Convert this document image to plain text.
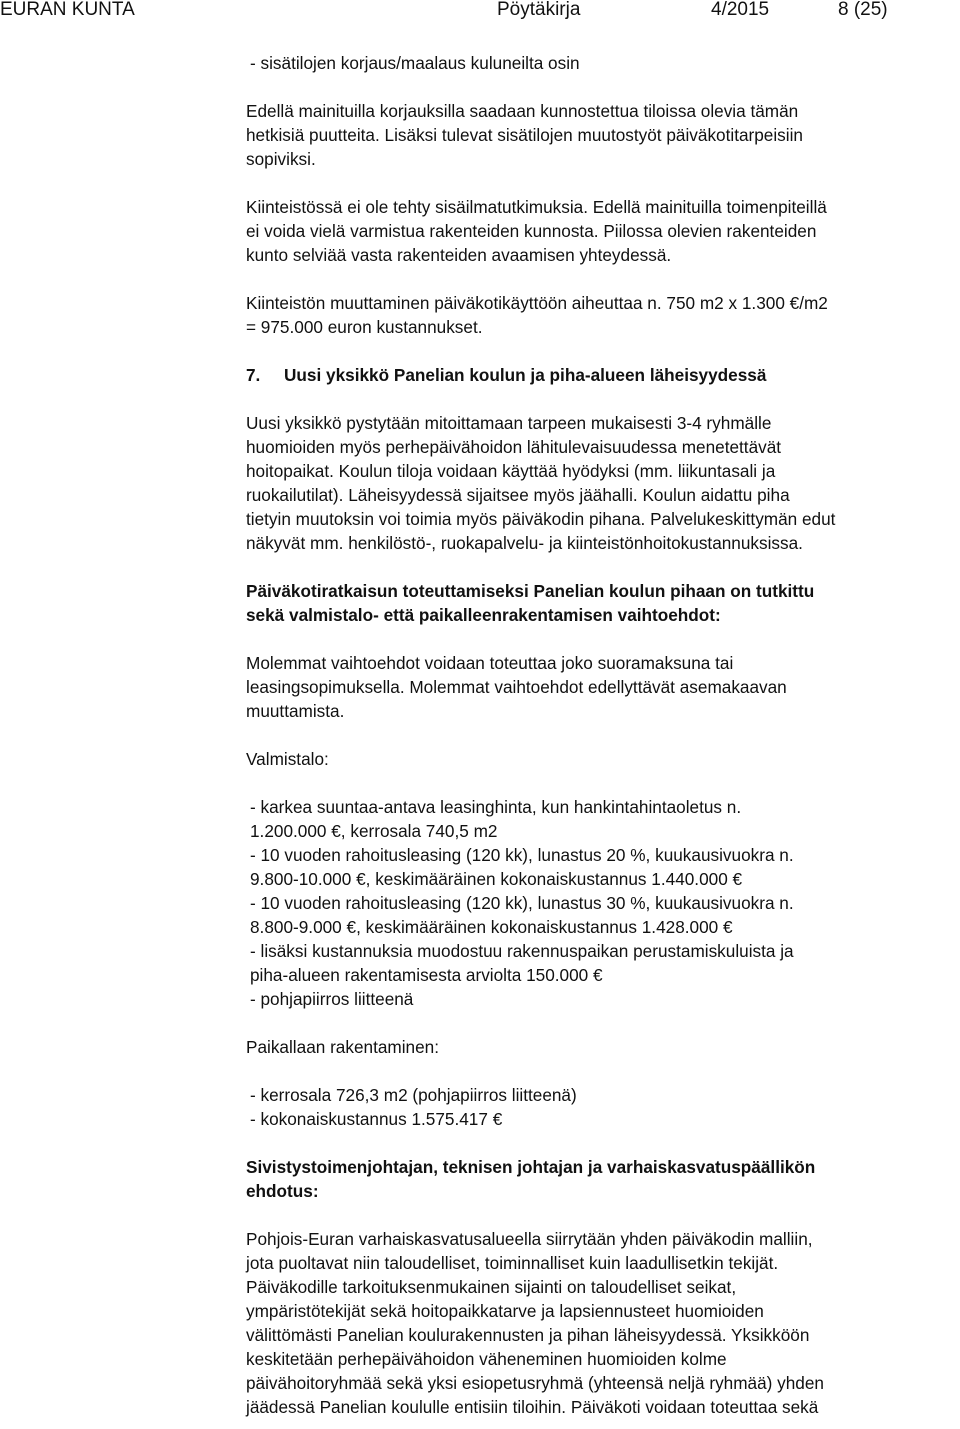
EURAN KUNTA	Pöytäkirja	4/2015	8 (25)

- sisätilojen korjaus/maalaus kuluneilta osin

Edellä mainituilla korjauksilla saadaan kunnostettua tiloissa olevia tämän

hetkisiä puutteita. Lisäksi tulevat sisätilojen muutostyöt päiväkotitarpeisiin

sopiviksi.

Kiinteistössä ei ole tehty sisäilmatutkimuksia. Edellä mainituilla toimenpiteillä

ei voida vielä varmistua rakenteiden kunnosta. Piilossa olevien rakenteiden

kunto selviää vasta rakenteiden avaamisen yhteydessä.

Kiinteistön muuttaminen päiväkotikäyttöön aiheuttaa n. 750 m2 x 1.300 €/m2

= 975.000 euron kustannukset.

7. Uusi yksikkö Panelian koulun ja piha-alueen läheisyydessä

Uusi yksikkö pystytään mitoittamaan tarpeen mukaisesti 3-4 ryhmälle

huomioiden myös perhepäivähoidon lähitulevaisuudessa menetettävät

hoitopaikat. Koulun tiloja voidaan käyttää hyödyksi (mm. liikuntasali ja

ruokailutilat). Läheisyydessä sijaitsee myös jäähalli. Koulun aidattu piha

tietyin muutoksin voi toimia myös päiväkodin pihana. Palvelukeskittymän edut

näkyvät mm. henkilöstö-, ruokapalvelu- ja kiinteistönhoitokustannuksissa.

Päiväkotiratkaisun toteuttamiseksi Panelian koulun pihaan on tutkittu

sekä valmistalo- että paikalleenrakentamisen vaihtoehdot:

Molemmat vaihtoehdot voidaan toteuttaa joko suoramaksuna tai

leasingsopimuksella. Molemmat vaihtoehdot edellyttävät asemakaavan

muuttamista.

Valmistalo:

- karkea suuntaa-antava leasinghinta, kun hankintahintaoletus n.

1.200.000 €, kerrosala 740,5 m2

- 10 vuoden rahoitusleasing (120 kk), lunastus 20 %, kuukausivuokra n.

9.800-10.000 €, keskimääräinen kokonaiskustannus 1.440.000 €

- 10 vuoden rahoitusleasing (120 kk), lunastus 30 %, kuukausivuokra n.

8.800-9.000 €, keskimääräinen kokonaiskustannus 1.428.000 €

- lisäksi kustannuksia muodostuu rakennuspaikan perustamiskuluista ja

piha-alueen rakentamisesta arviolta 150.000 €

- pohjapiirros liitteenä

Paikallaan rakentaminen:

- kerrosala 726,3 m2 (pohjapiirros liitteenä)

- kokonaiskustannus 1.575.417 €

Sivistystoimenjohtajan, teknisen johtajan ja varhaiskasvatuspäällikön

ehdotus:

Pohjois-Euran varhaiskasvatusalueella siirrytään yhden päiväkodin malliin,

jota puoltavat niin taloudelliset, toiminnalliset kuin laadullisetkin tekijät.

Päiväkodille tarkoituksenmukainen sijainti on taloudelliset seikat,

ympäristötekijät sekä hoitopaikkatarve ja lapsiennusteet huomioiden

välittömästi Panelian koulurakennusten ja pihan läheisyydessä. Yksikköön

keskitetään perhepäivähoidon väheneminen huomioiden kolme

päivähoitoryhmää sekä yksi esiopetusryhmä (yhteensä neljä ryhmää) yhden

jäädessä Panelian koululle entisiin tiloihin. Päiväkoti voidaan toteuttaa sekä
